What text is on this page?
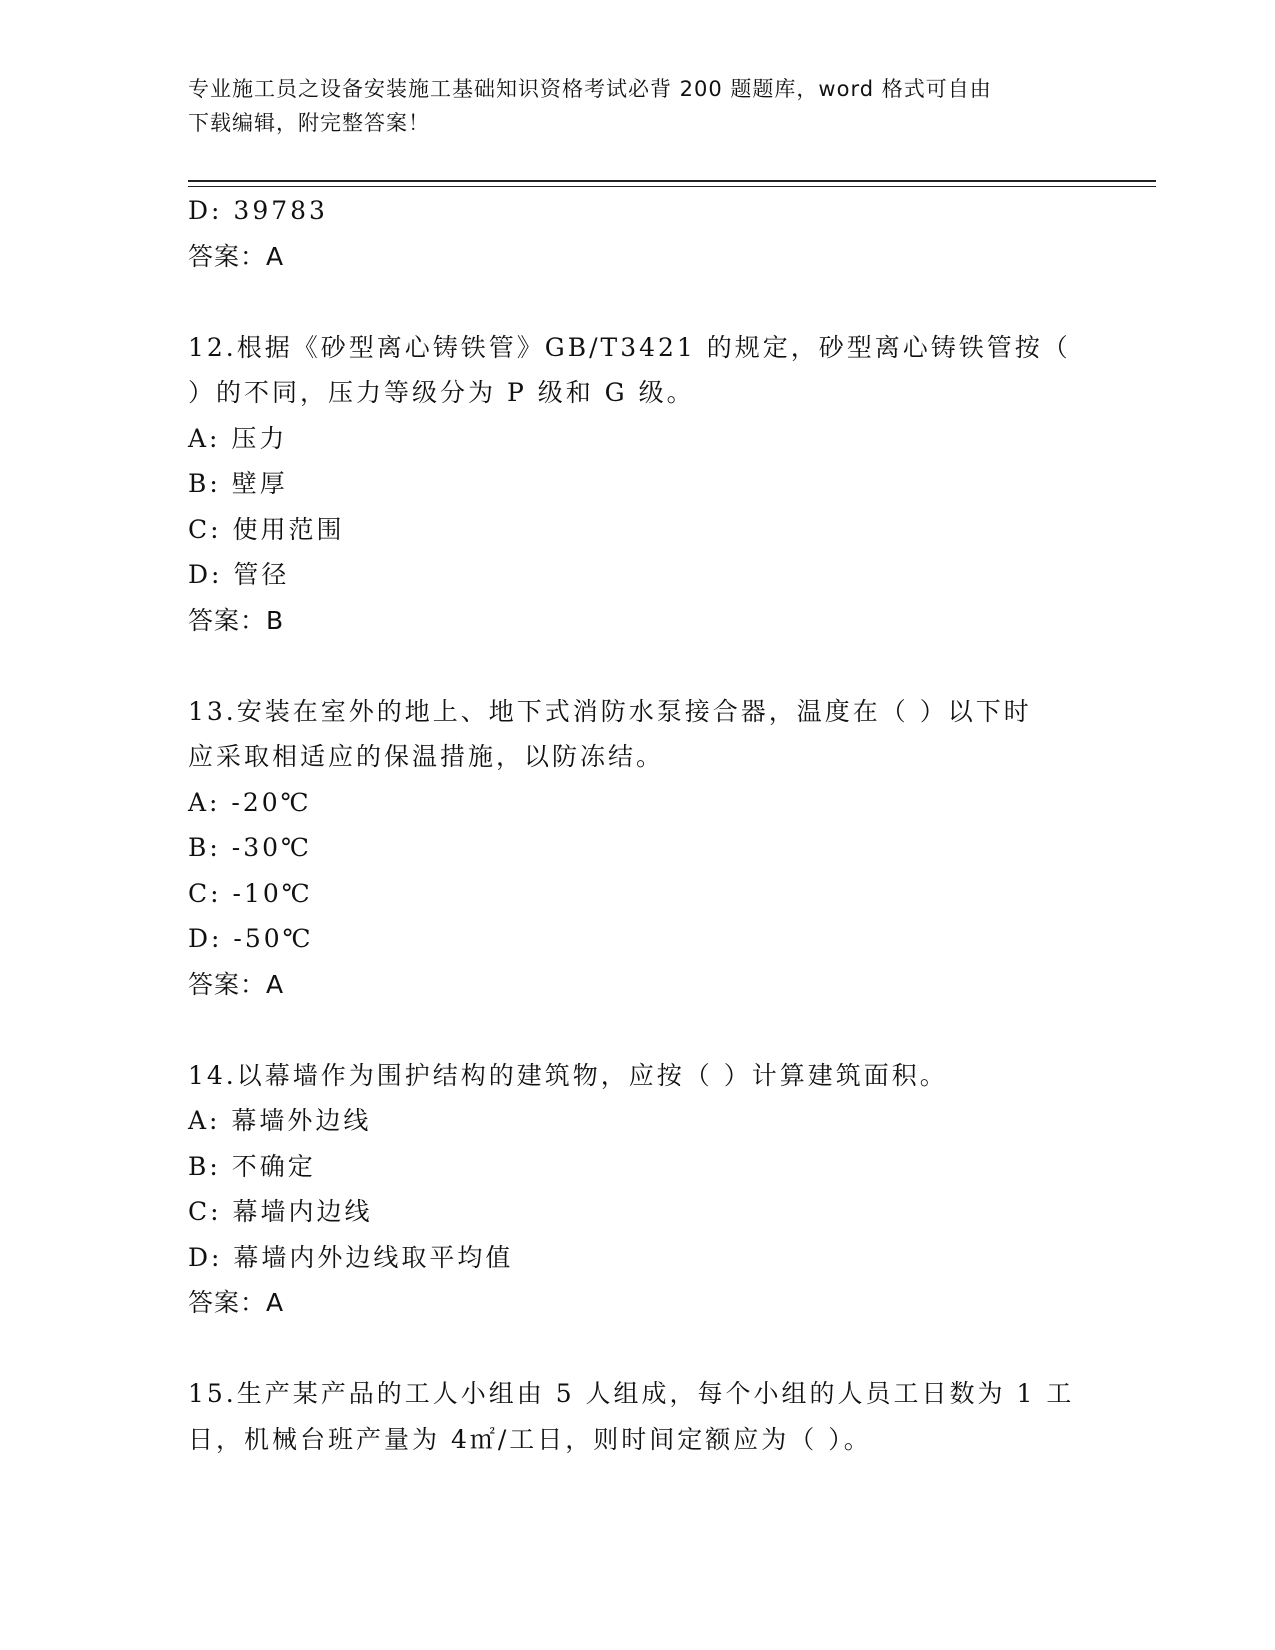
专业施工员之设备安装施工基础知识资格考试必背 200 题题库，word 格式可自由
下载编辑，附完整答案！
D: 39783
答案：A
12.根据《砂型离心铸铁管》GB/T3421 的规定，砂型离心铸铁管按（
）的不同，压力等级分为 P 级和 G 级。
A: 压力
B: 壁厚
C: 使用范围
D: 管径
答案：B
13.安装在室外的地上、地下式消防水泵接合器，温度在（ ）以下时
应采取相适应的保温措施，以防冻结。
A: -20℃
B: -30℃
C: -10℃
D: -50℃
答案：A
14.以幕墙作为围护结构的建筑物，应按（ ）计算建筑面积。
A: 幕墙外边线
B: 不确定
C: 幕墙内边线
D: 幕墙内外边线取平均值
答案：A
15.生产某产品的工人小组由 5 人组成，每个小组的人员工日数为 1 工
日，机械台班产量为 4㎡/工日，则时间定额应为（ ）。
